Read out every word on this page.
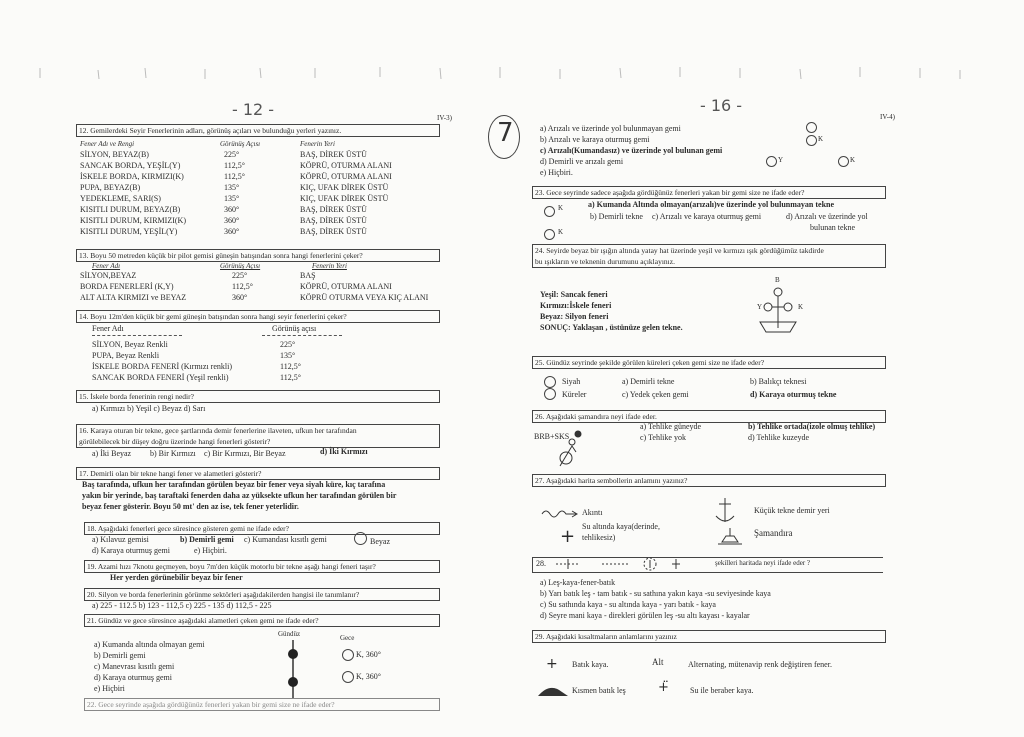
- 12 -	IV-3)
12. Gemilerdeki Seyir Fenerlerinin adları, görünüş açıları ve bulunduğu yerleri yazınız.
Fener Adı ve Rengi	Görünüş Açısı	Fenerin Yeri
13. Boyu 50 metreden küçük bir pilot gemisi güneşin batışından sonra hangi fenerlerini çeker?
Fener Adı	Görünüş Açısı	Fenerin Yeri
14. Boyu 12m'den küçük bir gemi güneşin batışından sonra hangi seyir fenerlerini çeker?
Fener Adı	Görünüş açısı
15. İskele borda fenerinin rengi nedir?
a) Kırmızı b) Yeşil c) Beyaz d) Sarı
16. Karaya oturan bir tekne, gece şartlarında demir fenerlerine ilaveten, ufkun her tarafından
görülebilecek bir düşey doğru üzerinde hangi fenerleri gösterir?
a) İki Beyaz b) Bir Kırmızı c) Bir Kırmızı, Bir Beyaz	d) İki Kırmızı
17. Demirli olan bir tekne hangi fener ve alametleri gösterir?
Baş tarafında, ufkun her tarafından görülen beyaz bir fener veya siyah küre, kıç tarafına
yakın bir yerinde, baş taraftaki fenerden daha az yüksekte ufkun her tarafından görülen bir
beyaz fener gösterir. Boyu 50 mt' den az ise, tek fener yeterlidir.
18. Aşağıdaki fenerleri gece süresince gösteren gemi ne ifade eder?
a) Kılavuz gemisi	b) Demirli gemi c) Kumandası kısıtlı gemi	Beyaz
d) Karaya oturmuş gemi	e) Hiçbiri.
19. Azami hızı 7knotu geçmeyen, boyu 7m'den küçük motorlu bir tekne aşağı hangi feneri taşır?
Her yerden görünebilir beyaz bir fener
20. Silyon ve borda fenerlerinin görünme sektörleri aşağıdakilerden hangisi ile tanımlanır?
a) 225 - 112.5 b) 123 - 112,5 c) 225 - 135 d) 112,5 - 225
21. Gündüz ve gece süresince aşağıdaki alametleri çeken gemi ne ifade eder?
Gündüz	Gece
a) Kumanda altında olmayan gemi
b) Demirli gemi
c) Manevrası kısıtlı gemi
d) Karaya oturmuş gemi
e) Hiçbiri
K, 360°
K, 360°
22. Gece seyrinde aşağıda gördüğünüz fenerleri yakan bir gemi size ne ifade eder?
7
- 16 -
IV-4)
a) Arızalı ve üzerinde yol bulunmayan gemi
b) Arızalı ve karaya oturmuş gemi
c) Arızalı(Kumandasız) ve üzerinde yol bulunan gemi
d) Demirli ve arızalı gemi
e) Hiçbiri.
K
Y	K
23. Gece seyrinde sadece aşağıda gördüğünüz fenerleri yakan bir gemi size ne ifade eder?
K	a) Kumanda Altında olmayan(arızalı)ve üzerinde yol bulunmayan tekne
b) Demirli tekne c) Arızalı ve karaya oturmuş gemi	d) Arızalı ve üzerinde yol
bulunan tekne
K
24. Seyirde beyaz bir ışığın altında yatay hat üzerinde yeşil ve kırmızı ışık gördüğümüz takdirde
bu ışıkların ve teknenin durumunu açıklayınız.
Yeşil: Sancak feneri
Kırmızı:İskele feneri
Beyaz: Silyon feneri
SONUÇ: Yaklaşan , üstünüze gelen tekne.
B
Y	K
25. Gündüz seyrinde şekilde görülen küreleri çeken gemi size ne ifade eder?
Siyah
Küreler
a) Demirli tekne	b) Balıkçı teknesi
c) Yedek çeken gemi	d) Karaya oturmuş tekne
26. Aşağıdaki şamandıra neyi ifade eder.
BRB+SKS
a) Tehlike güneyde	b) Tehlike ortada(izole olmuş tehlike)
c) Tehlike yok	d) Tehlike kuzeyde
27. Aşağıdaki harita sembollerin anlamını yazınız?
Akıntı
+ Su altında kaya(derinde,
tehlikesiz)
Küçük tekne demir yeri
Şamandıra
28.	şekilleri haritada neyi ifade eder ?
a) Leş-kaya-fener-batık
b) Yarı batık leş - tam batık - su sathına yakın kaya -su seviyesinde kaya
c) Su sathında kaya - su altında kaya - yarı batık - kaya
d) Seyre mani kaya - direkleri görülen leş -su altı kayası - kayalar
29. Aşağıdaki kısaltmaların anlamlarını yazınız
+ Batık kaya.	Alt	Alternating, mütenavip renk değiştiren fener.
Kısmen batık leş +̈	Su ile beraber kaya.
SİLYON, BEYAZ(B)	225°	BAŞ, DİREK ÜSTÜ
SANCAK BORDA, YEŞİL(Y)	112,5°	KÖPRÜ, OTURMA ALANI
İSKELE BORDA, KIRMIZI(K)	112,5°	KÖPRÜ, OTURMA ALANI
PUPA, BEYAZ(B)	135°	KIÇ, UFAK DİREK ÜSTÜ
YEDEKLEME, SARI(S)	135°	KIÇ, UFAK DİREK ÜSTÜ
KISITLI DURUM, BEYAZ(B)	360°	BAŞ, DİREK ÜSTÜ
KISITLI DURUM, KIRMIZI(K)	360°	BAŞ, DİREK ÜSTÜ
KISITLI DURUM, YEŞİL(Y)	360°	BAŞ, DİREK ÜSTÜ
SİLYON,BEYAZ	225°	BAŞ
BORDA FENERLERİ (K,Y)	112,5°	KÖPRÜ, OTURMA ALANI
ALT ALTA KIRMIZI ve BEYAZ	360°	KÖPRÜ OTURMA VEYA KIÇ ALANI
SİLYON, Beyaz Renkli	225°
PUPA, Beyaz Renkli	135°
İSKELE BORDA FENERİ (Kırmızı renkli)	112,5°
SANCAK BORDA FENERİ (Yeşil renkli)	112,5°
